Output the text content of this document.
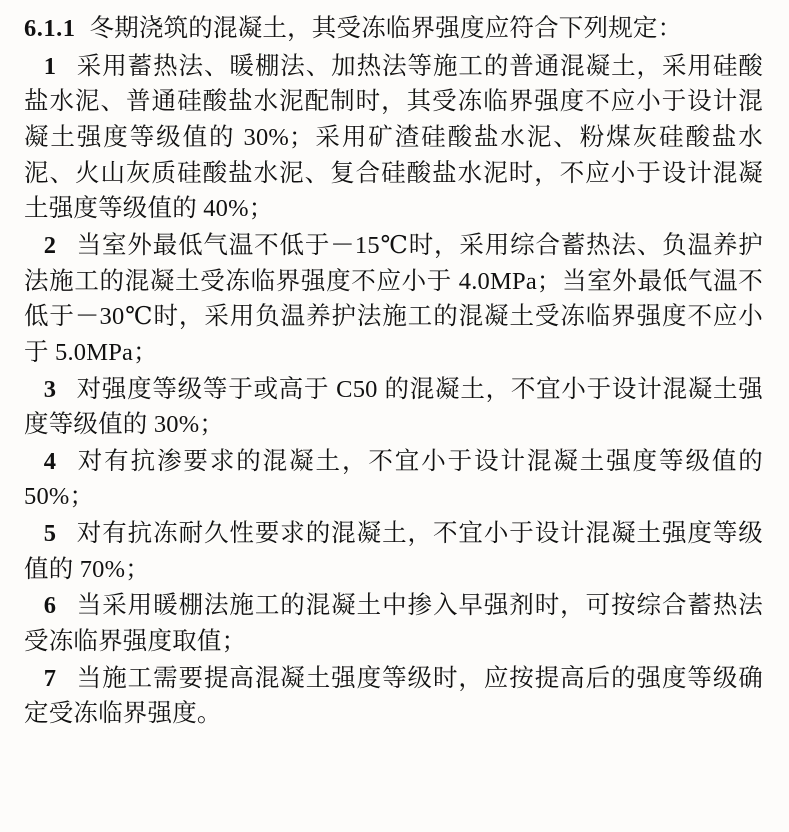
6.1.1 冬期浇筑的混凝土，其受冻临界强度应符合下列规定：

1 采用蓄热法、暖棚法、加热法等施工的普通混凝土，采用硅酸盐水泥、普通硅酸盐水泥配制时，其受冻临界强度不应小于设计混凝土强度等级值的 30%；采用矿渣硅酸盐水泥、粉煤灰硅酸盐水泥、火山灰质硅酸盐水泥、复合硅酸盐水泥时，不应小于设计混凝土强度等级值的 40%；

2 当室外最低气温不低于－15℃时，采用综合蓄热法、负温养护法施工的混凝土受冻临界强度不应小于 4.0MPa；当室外最低气温不低于－30℃时，采用负温养护法施工的混凝土受冻临界强度不应小于 5.0MPa；

3 对强度等级等于或高于 C50 的混凝土，不宜小于设计混凝土强度等级值的 30%；

4 对有抗渗要求的混凝土，不宜小于设计混凝土强度等级值的 50%；

5 对有抗冻耐久性要求的混凝土，不宜小于设计混凝土强度等级值的 70%；

6 当采用暖棚法施工的混凝土中掺入早强剂时，可按综合蓄热法受冻临界强度取值；

7 当施工需要提高混凝土强度等级时，应按提高后的强度等级确定受冻临界强度。
